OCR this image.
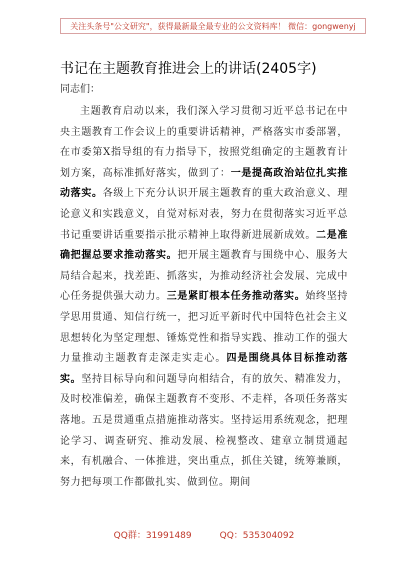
关注头条号"公文研究"，获得最新最全最专业的公文资料库！ 微信：gongwenyj
书记在主题教育推进会上的讲话(2405字)
同志们：
主题教育启动以来，我们深入学习贯彻习近平总书记在中央主题教育工作会议上的重要讲话精神，严格落实市委部署，在市委第X指导组的有力指导下，按照党组确定的主题教育计划方案，高标准抓好落实，做到了：一是提高政治站位扎实推动落实。各级上下充分认识开展主题教育的重大政治意义、理论意义和实践意义，自觉对标对表，努力在贯彻落实习近平总书记重要讲话重要指示批示精神上取得新进展新成效。二是准确把握总要求推动落实。把开展主题教育与围绕中心、服务大局结合起来，找差距、抓落实，为推动经济社会发展、完成中心任务提供强大动力。三是紧盯根本任务推动落实。始终坚持学思用贯通、知信行统一，把习近平新时代中国特色社会主义思想转化为坚定理想、锤炼党性和指导实践、推动工作的强大力量推动主题教育走深走实走心。四是围绕具体目标推动落实。坚持目标导向和问题导向相结合，有的放矢、精准发力，及时校准偏差，确保主题教育不变形、不走样，各项任务落实落地。五是贯通重点措施推动落实。坚持运用系统观念，把理论学习、调查研究、推动发展、检视整改、建章立制贯通起来，有机融合、一体推进，突出重点，抓住关键，统筹兼顾，努力把每项工作都做扎实、做到位。期间
QQ群：31991489	QQ：535304092
